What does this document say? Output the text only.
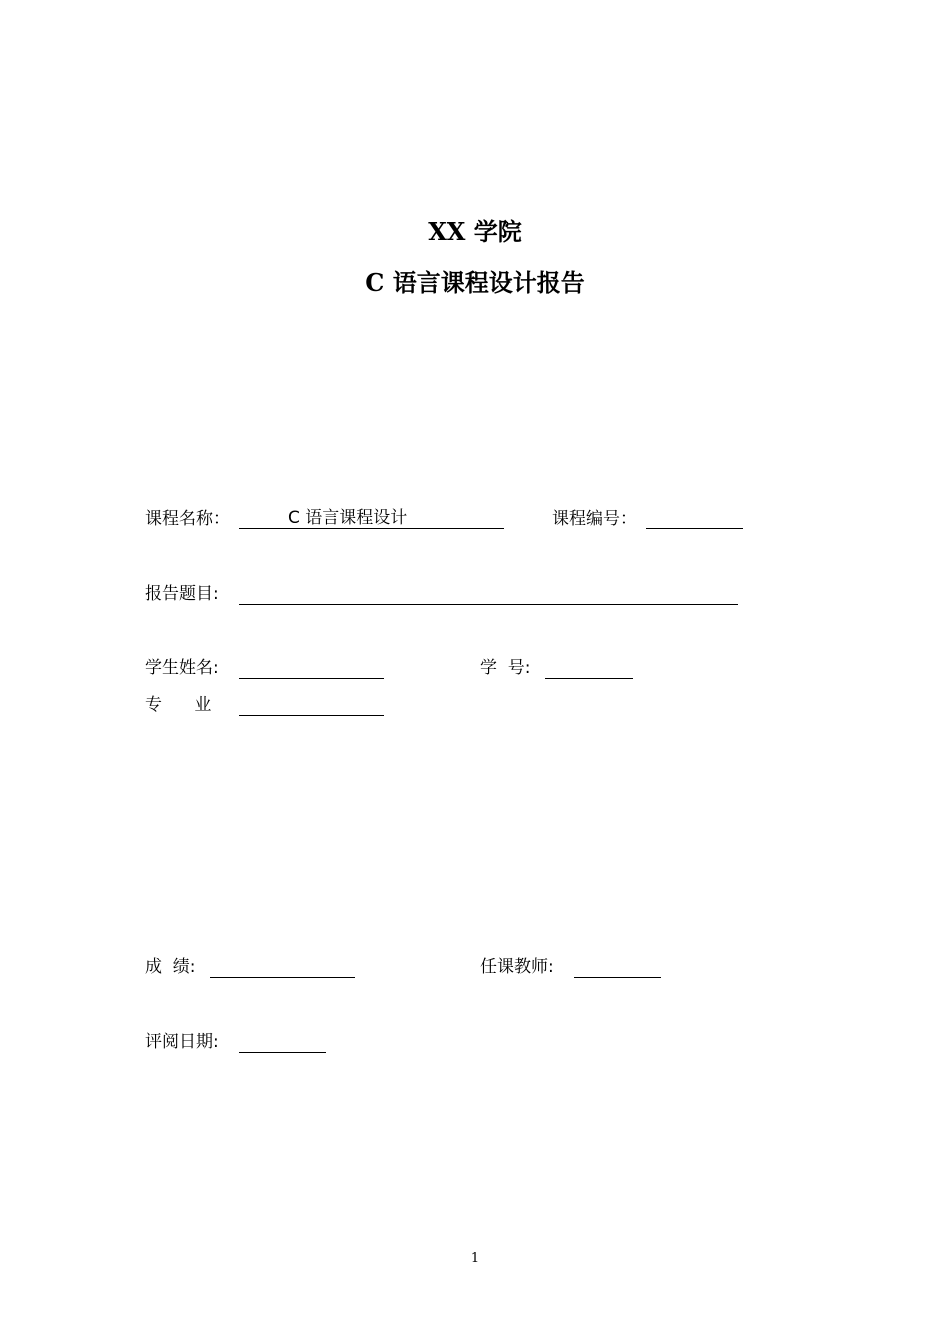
XX 学院
C 语言课程设计报告
课程名称：	C 语言课程设计	课程编号：
报告题目:
学生姓名:	学  号:
专      业
成  绩:	任课教师:
评阅日期:
1
